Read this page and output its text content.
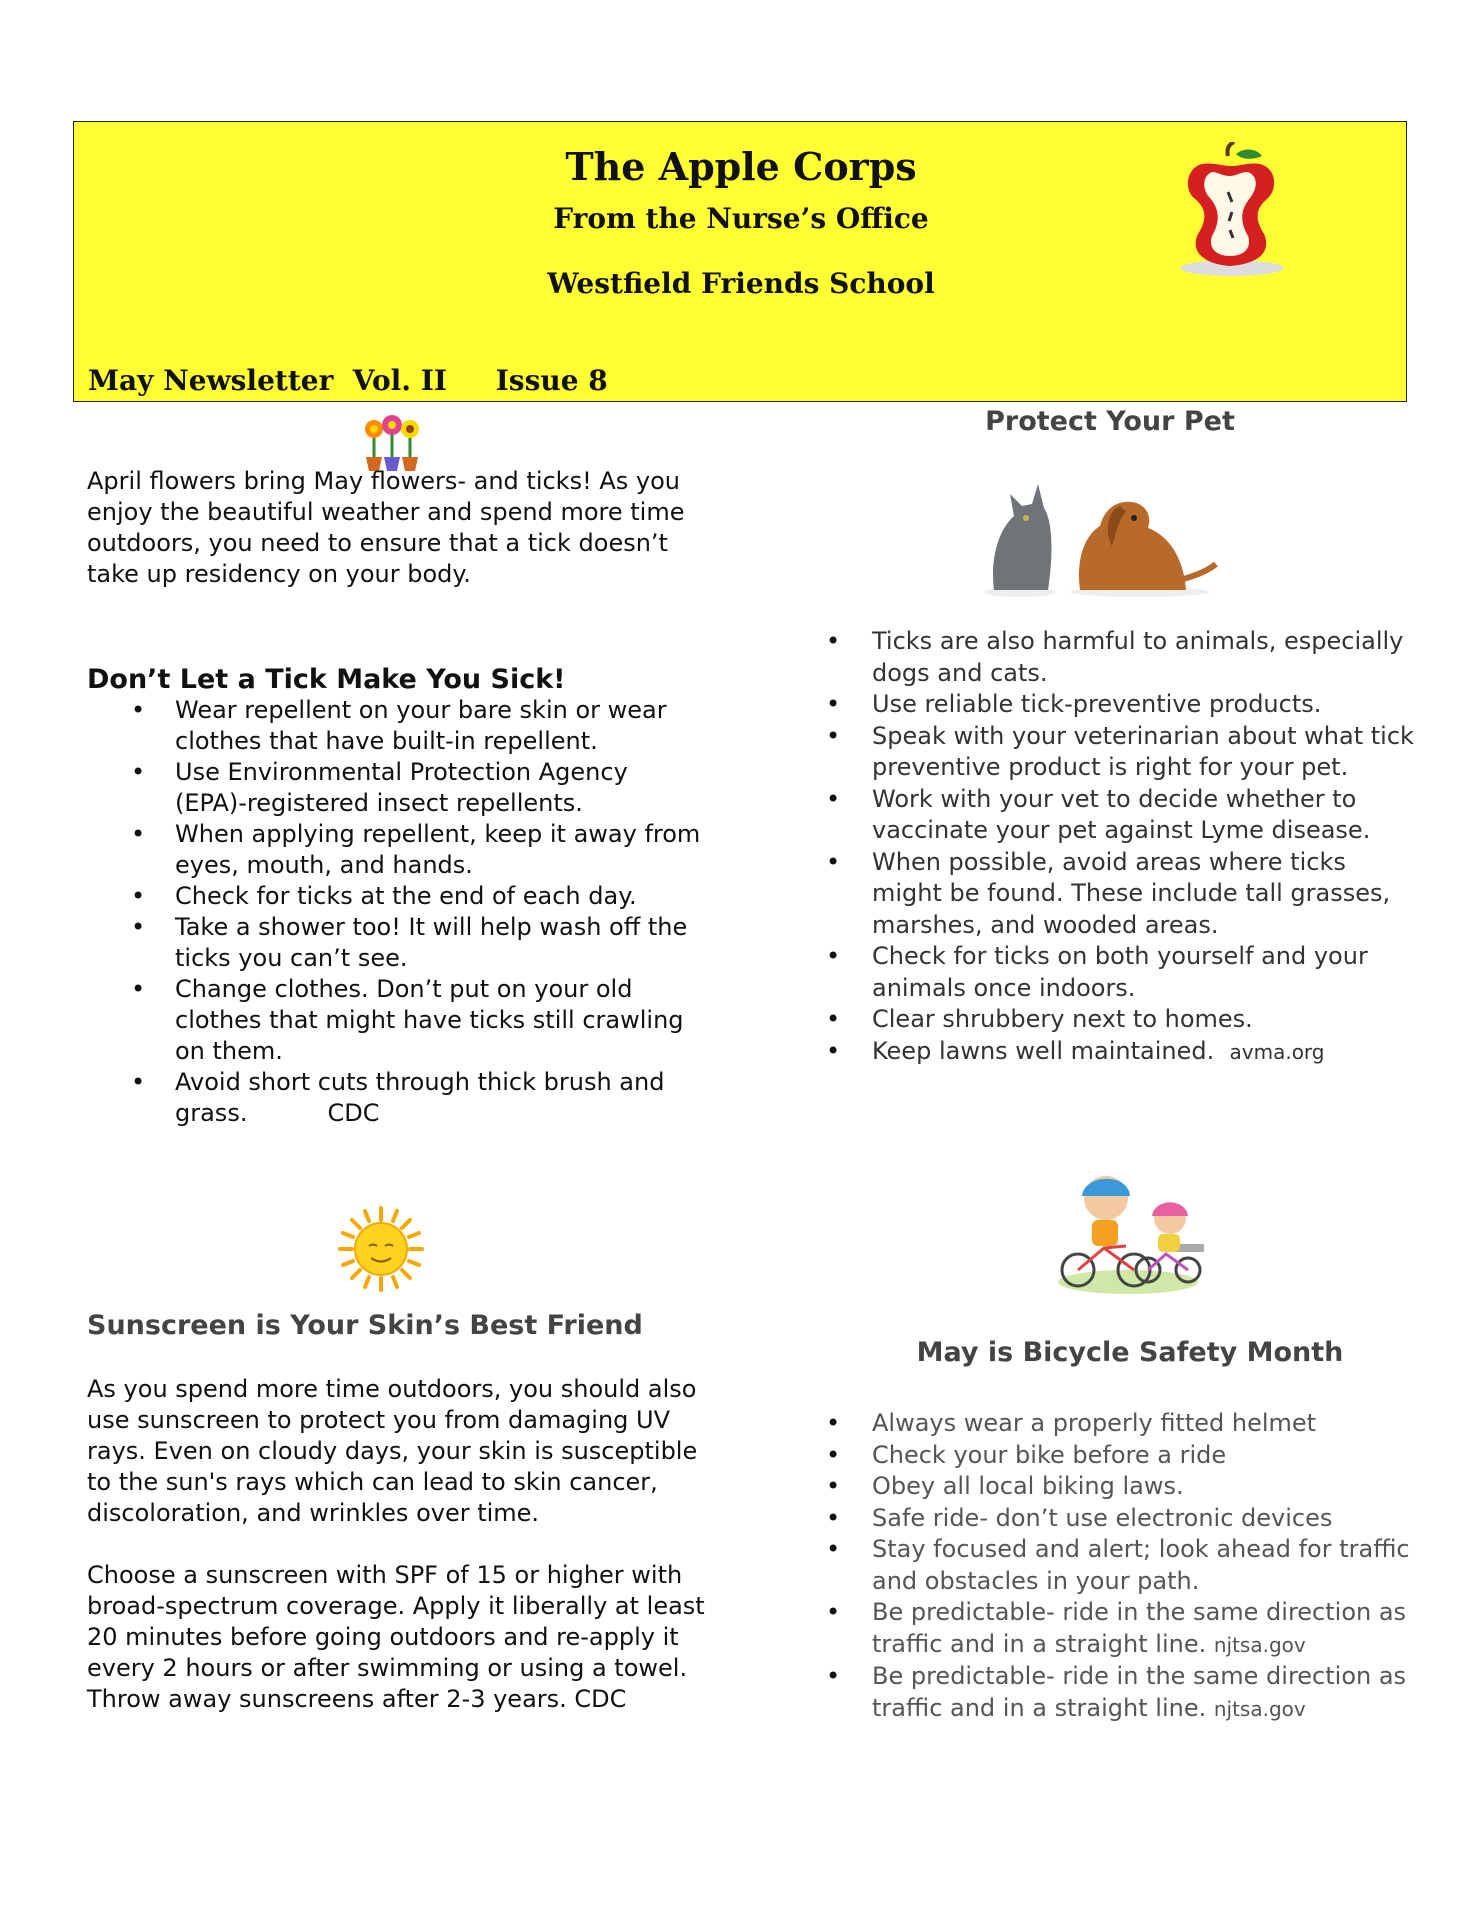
The Apple Corps
From the Nurse’s Office
Westfield Friends School
May Newsletter  Vol. II     Issue 8

April flowers bring May flowers- and ticks! As you enjoy the beautiful weather and spend more time outdoors, you need to ensure that a tick doesn’t take up residency on your body.

Don’t Let a Tick Make You Sick!
• Wear repellent on your bare skin or wear clothes that have built-in repellent.
• Use Environmental Protection Agency (EPA)-registered insect repellents.
• When applying repellent, keep it away from eyes, mouth, and hands.
• Check for ticks at the end of each day.
• Take a shower too! It will help wash off the ticks you can’t see.
• Change clothes. Don’t put on your old clothes that might have ticks still crawling on them.
• Avoid short cuts through thick brush and grass.	CDC
Sunscreen is Your Skin’s Best Friend

As you spend more time outdoors, you should also use sunscreen to protect you from damaging UV rays. Even on cloudy days, your skin is susceptible to the sun's rays which can lead to skin cancer, discoloration, and wrinkles over time.

Choose a sunscreen with SPF of 15 or higher with broad-spectrum coverage. Apply it liberally at least 20 minutes before going outdoors and re-apply it every 2 hours or after swimming or using a towel. Throw away sunscreens after 2-3 years. CDC

Protect Your Pet
• Ticks are also harmful to animals, especially dogs and cats.
• Use reliable tick-preventive products.
• Speak with your veterinarian about what tick preventive product is right for your pet.
• Work with your vet to decide whether to vaccinate your pet against Lyme disease.
• When possible, avoid areas where ticks might be found. These include tall grasses, marshes, and wooded areas.
• Check for ticks on both yourself and your animals once indoors.
• Clear shrubbery next to homes.
• Keep lawns well maintained. avma.org
May is Bicycle Safety Month
• Always wear a properly fitted helmet
• Check your bike before a ride
• Obey all local biking laws.
• Safe ride- don’t use electronic devices
• Stay focused and alert; look ahead for traffic and obstacles in your path.
• Be predictable- ride in the same direction as traffic and in a straight line. njtsa.gov
• Be predictable- ride in the same direction as traffic and in a straight line. njtsa.gov
